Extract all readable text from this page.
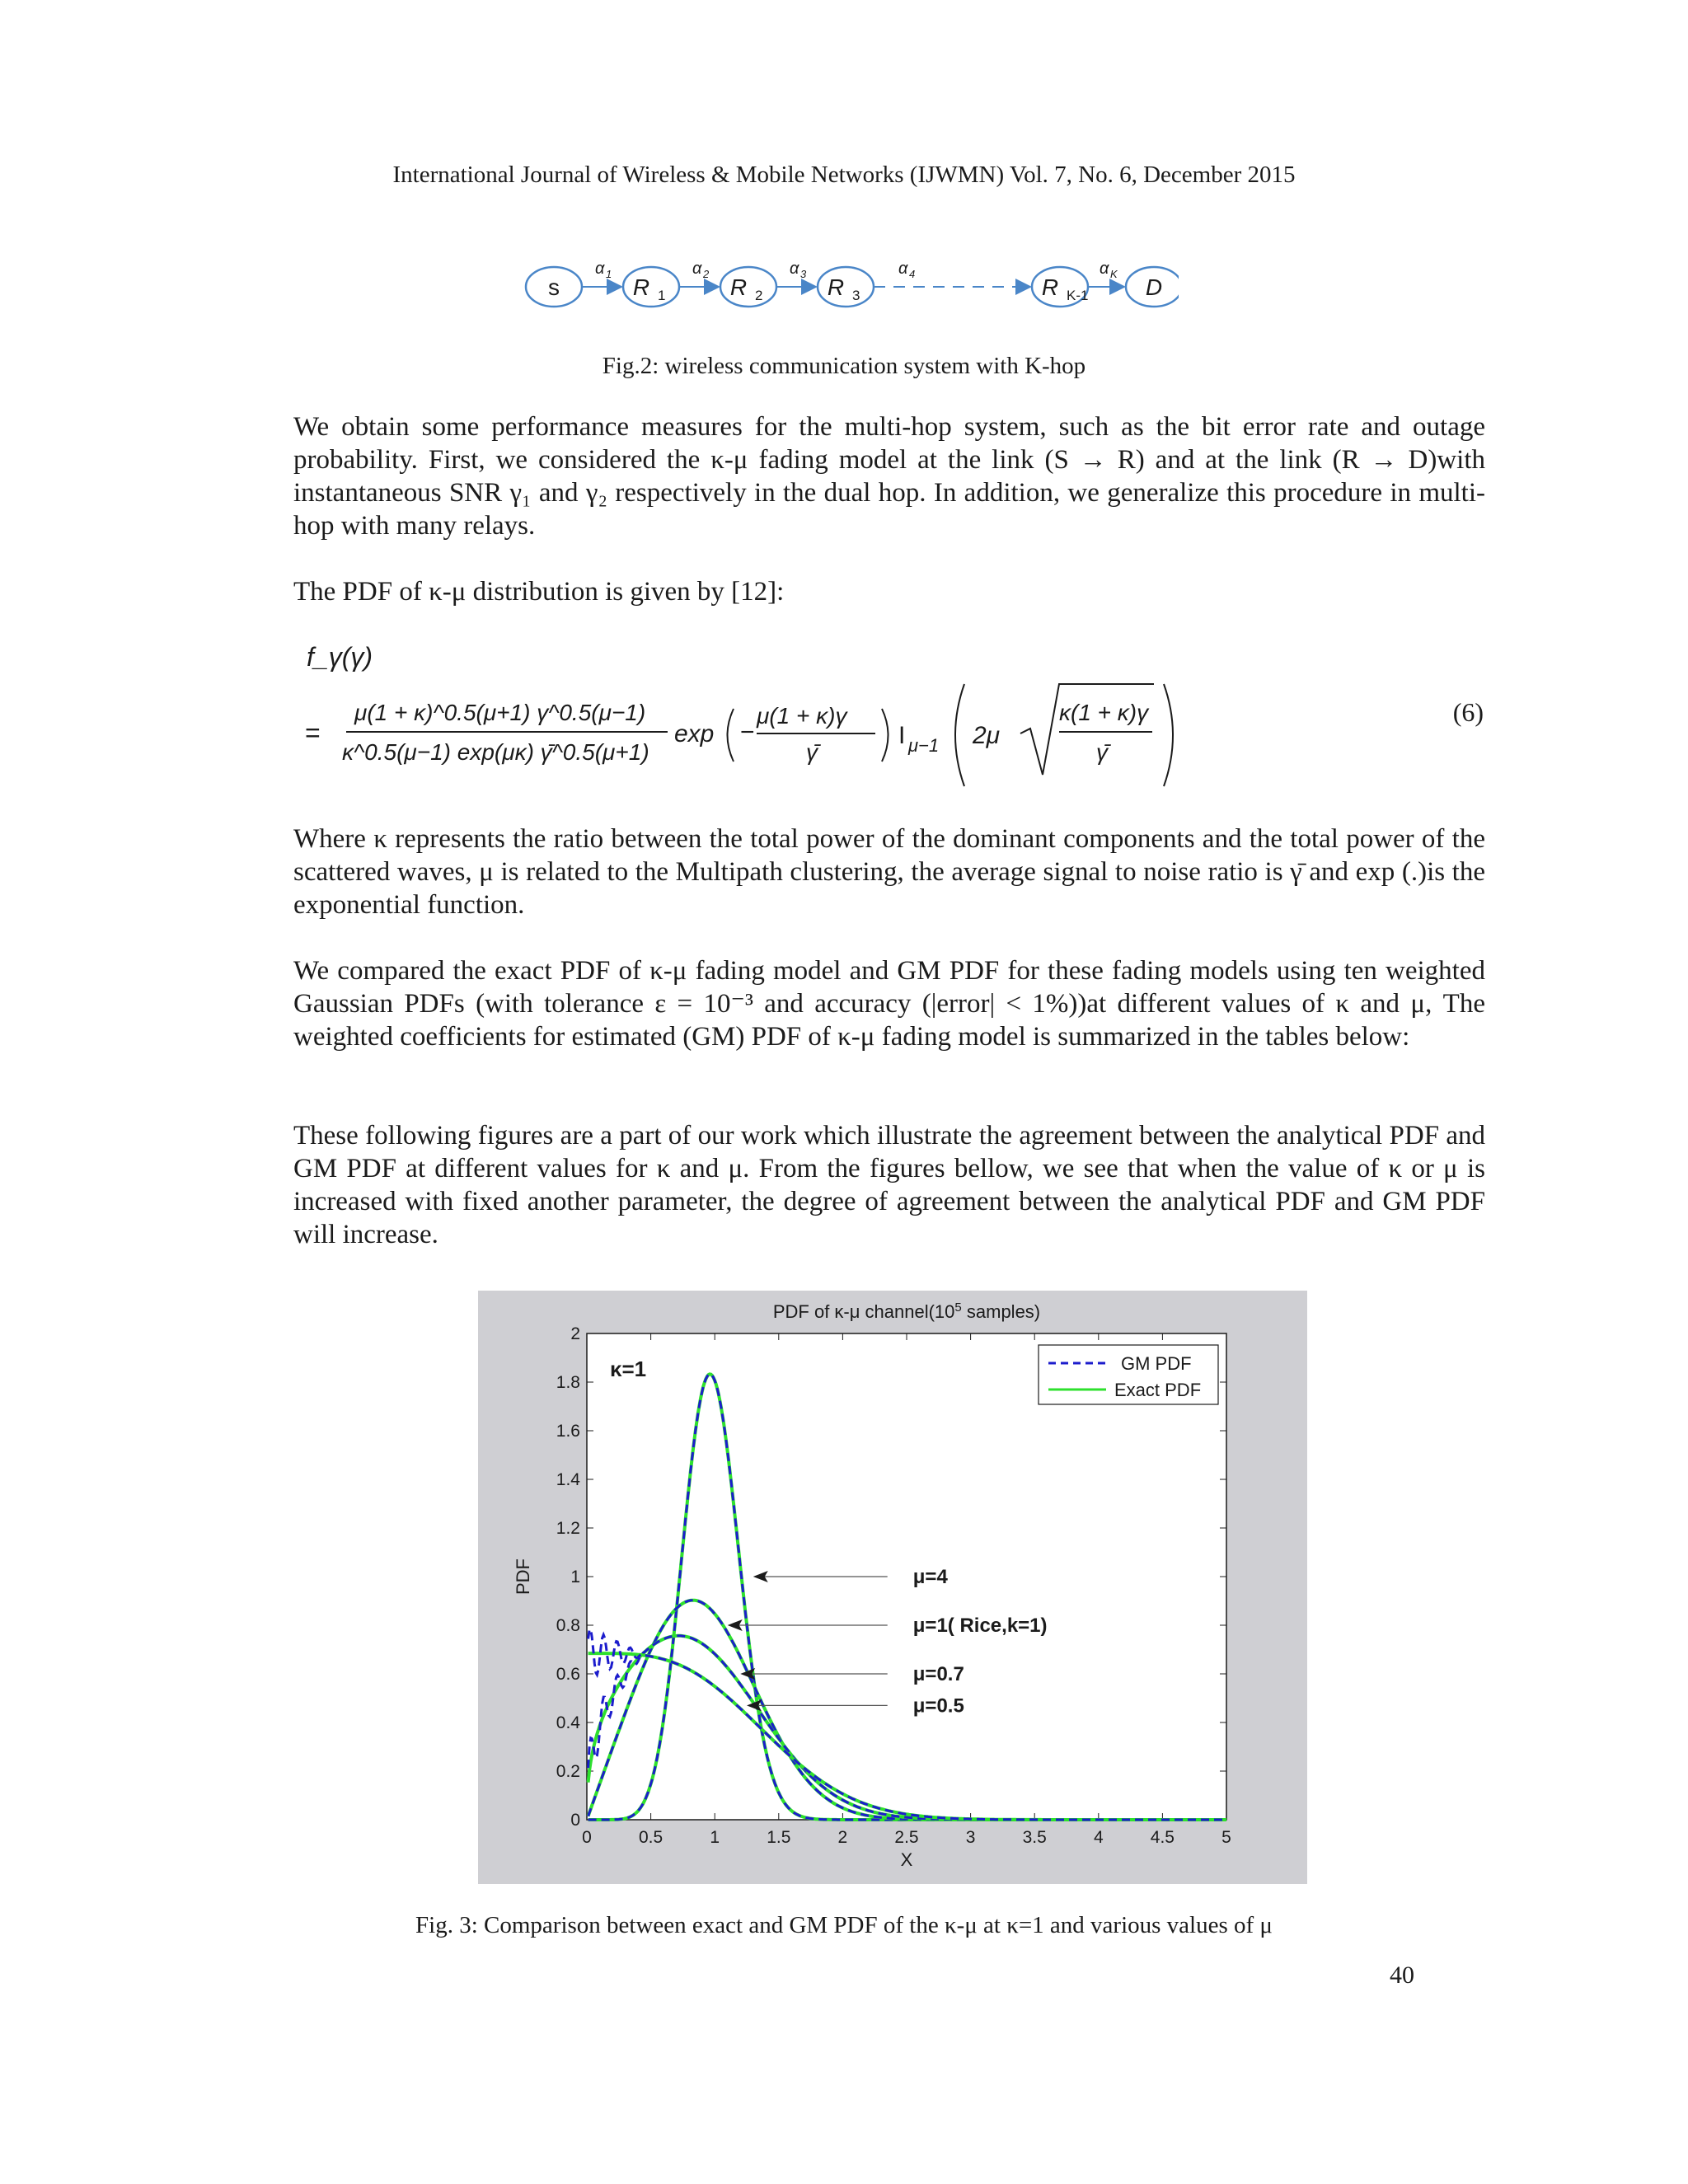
International Journal of Wireless & Mobile Networks (IJWMN) Vol. 7, No. 6, December 2015
s	R 1	R 2	R 3	R K-1 D
α 1	α 2	α 3	α 4	α K
Fig.2: wireless communication system with K-hop

We obtain some performance measures for the multi-hop system, such as the bit error rate and outage probability. First, we considered the κ-μ fading model at the link (S → R) and at the link (R → D)with instantaneous SNR γ₁ and γ₂ respectively in the dual hop. In addition, we generalize this procedure in multi-hop with many relays.

The PDF of κ-μ distribution is given by [12]:

f_γ(γ)
=
μ(1 + κ)^0.5(μ+1) γ^0.5(μ−1)
κ^0.5(μ−1) exp(μκ) γ̄^0.5(μ+1)
exp −
μ(1 + κ)γ
γ̄
I μ−1 2μ
κ(1 + κ)γ
γ̄
(6)

Where κ represents the ratio between the total power of the dominant components and the total power of the scattered waves, μ is related to the Multipath clustering, the average signal to noise ratio is γ̄ and exp (.)is the exponential function.

We compared the exact PDF of κ-μ fading model and GM PDF for these fading models using ten weighted Gaussian PDFs (with tolerance ε = 10⁻³ and accuracy (|error| < 1%))at different values of κ and μ, The weighted coefficients for estimated (GM) PDF of κ-μ fading model is summarized in the tables below:

These following figures are a part of our work which illustrate the agreement between the analytical PDF and GM PDF at different values for κ and μ. From the figures bellow, we see that when the value of κ or μ is increased with fixed another parameter, the degree of agreement between the analytical PDF and GM PDF will increase.

0	0.5	1	1.5	2	2.5	3	3.5	4	4.5	5
0
0.2
0.4
0.6
0.8
1
1.2
1.4
1.6
1.8
2
μ=4
μ=1( Rice,k=1)
μ=0.7
μ=0.5
PDF of κ-μ $channel(10^5$ samples)
X
PDF
κ=1	GM PDF
Exact PDF
Fig. 3: Comparison between exact and GM PDF of the κ-μ at κ=1 and various values of μ
40
